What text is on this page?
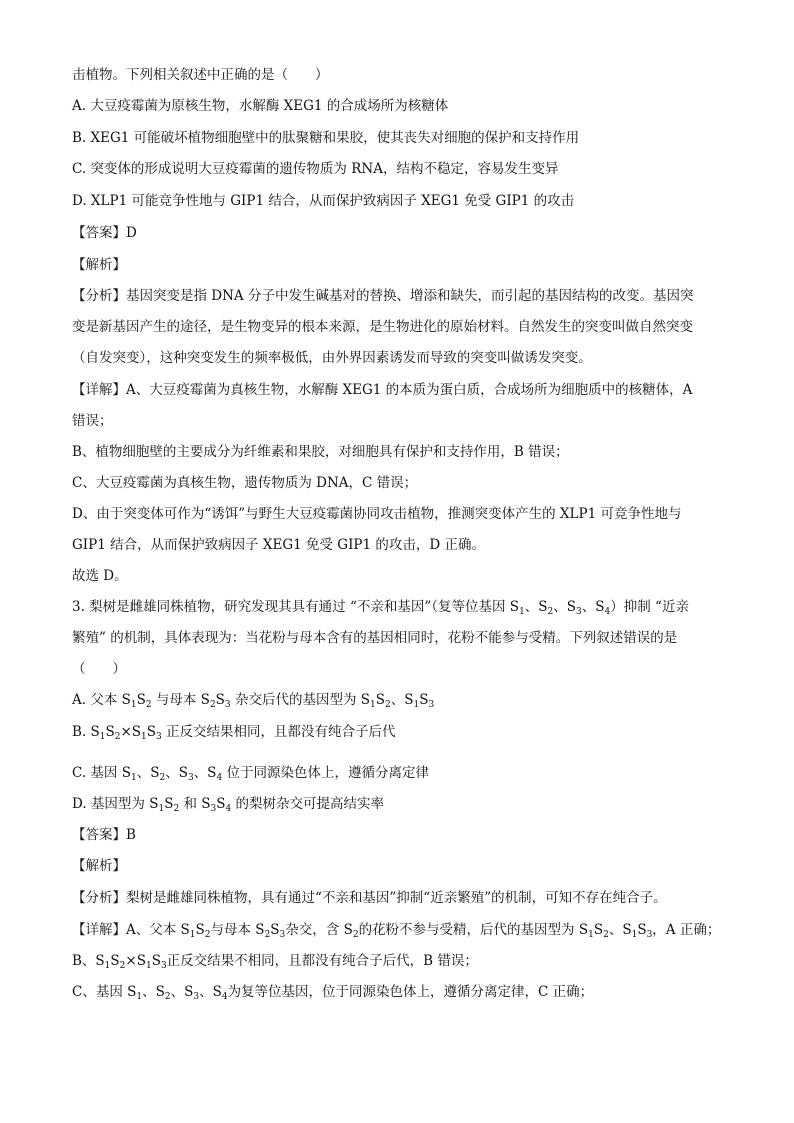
击植物。下列相关叙述中正确的是（　　）
A. 大豆疫霉菌为原核生物，水解酶 XEG1 的合成场所为核糖体
B. XEG1 可能破坏植物细胞壁中的肽聚糖和果胶，使其丧失对细胞的保护和支持作用
C. 突变体的形成说明大豆疫霉菌的遗传物质为 RNA，结构不稳定，容易发生变异
D. XLP1 可能竞争性地与 GIP1 结合，从而保护致病因子 XEG1 免受 GIP1 的攻击
【答案】D
【解析】
【分析】基因突变是指 DNA 分子中发生碱基对的替换、增添和缺失，而引起的基因结构的改变。基因突
变是新基因产生的途径，是生物变异的根本来源，是生物进化的原始材料。自然发生的突变叫做自然突变
（自发突变），这种突变发生的频率极低，由外界因素诱发而导致的突变叫做诱发突变。
【详解】A、大豆疫霉菌为真核生物，水解酶 XEG1 的本质为蛋白质，合成场所为细胞质中的核糖体，A
错误；
B、植物细胞壁的主要成分为纤维素和果胶，对细胞具有保护和支持作用，B 错误；
C、大豆疫霉菌为真核生物，遗传物质为 DNA，C 错误；
D、由于突变体可作为“诱饵”与野生大豆疫霉菌协同攻击植物，推测突变体产生的 XLP1 可竞争性地与
GIP1 结合，从而保护致病因子 XEG1 免受 GIP1 的攻击，D 正确。
故选 D。
3. 梨树是雌雄同株植物，研究发现其具有通过 “不亲和基因”（复等位基因 $S_1$、$S_2$、$S_3$、$S_4$）抑制 “近亲
繁殖” 的机制，具体表现为：当花粉与母本含有的基因相同时，花粉不能参与受精。下列叙述错误的是
（　　）
A. 父本 $S_1S_2$ 与母本 $S_2S_3$ 杂交后代的基因型为 $S_1S_2$、$S_1S_3$
B. $S_1S_2\times S_1S_3$ 正反交结果相同，且都没有纯合子后代
C. 基因 $S_1$、$S_2$、$S_3$、$S_4$ 位于同源染色体上，遵循分离定律
D. 基因型为 $S_1S_2$ 和 $S_3S_4$ 的梨树杂交可提高结实率
【答案】B
【解析】
【分析】梨树是雌雄同株植物，具有通过“不亲和基因”抑制“近亲繁殖”的机制，可知不存在纯合子。
【详解】A、父本 $S_1S_2$与母本 $S_2S_3$杂交，含 $S_2$的花粉不参与受精，后代的基因型为 $S_1S_2$、$S_1S_3$，A 正确；
B、$S_1S_2\times S_1S_3$正反交结果不相同，且都没有纯合子后代，B 错误；
C、基因 $S_1$、$S_2$、$S_3$、$S_4$为复等位基因，位于同源染色体上，遵循分离定律，C 正确；
